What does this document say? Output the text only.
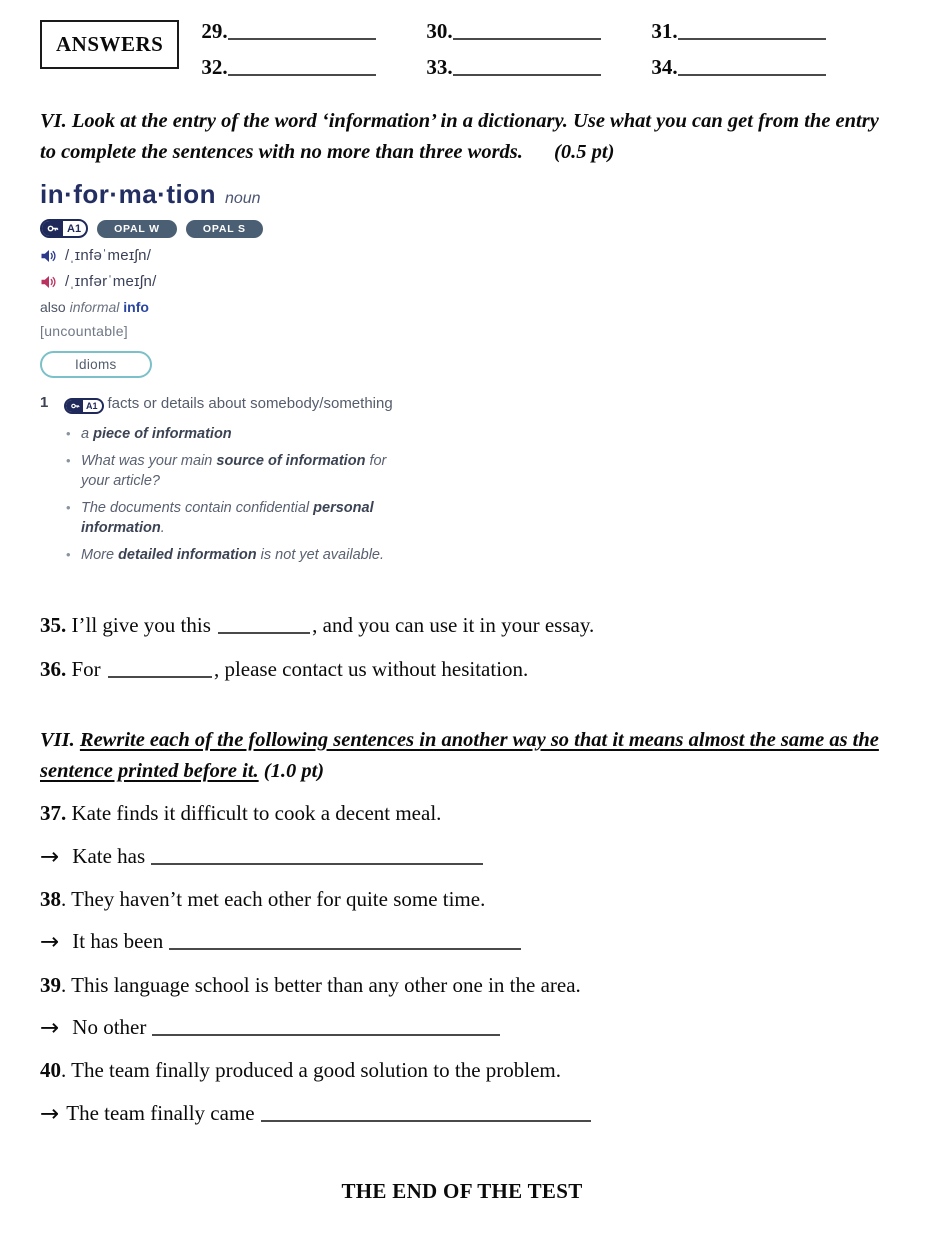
ANSWERS
29.	30.	31.
32.	33.	34.
VI. Look at the entry of the word ‘information’ in a dictionary. Use what you can get from the entry to complete the sentences with no more than three words. (0.5 pt)
in·for·ma·tion noun
A1	OPAL W	OPAL S
/ˌɪnfəˈmeɪʃn/
/ˌɪnfərˈmeɪʃn/
also informal info
[uncountable]
Idioms
1	A1 facts or details about somebody/something
• a piece of information
• What was your main source of information for your article?
• The documents contain confidential personal information.
• More detailed information is not yet available.
35. I’ll give you this	, and you can use it in your essay.
36. For	, please contact us without hesitation.
VII. Rewrite each of the following sentences in another way so that it means almost the same as the sentence printed before it. (1.0 pt)
37. Kate finds it difficult to cook a decent meal.
→ Kate has
38. They haven’t met each other for quite some time.
→ It has been
39. This language school is better than any other one in the area.
→ No other
40. The team finally produced a good solution to the problem.
→ The team finally came
THE END OF THE TEST
